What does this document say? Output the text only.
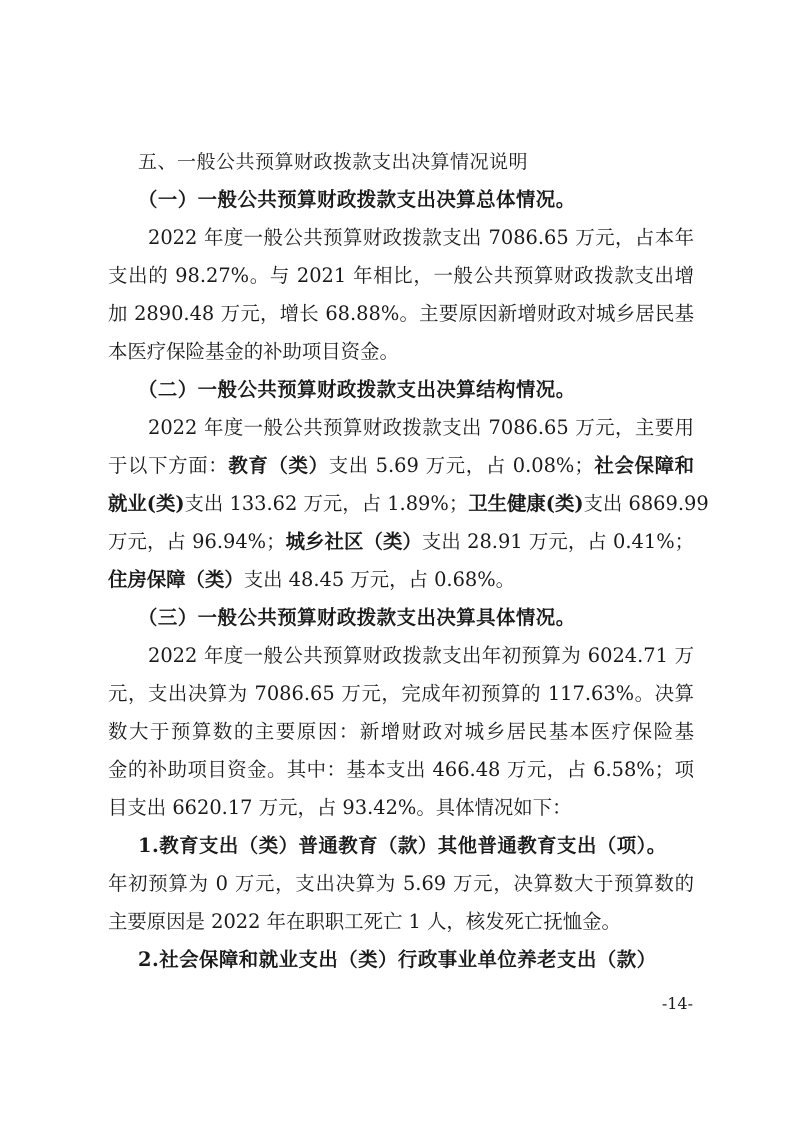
五、一般公共预算财政拨款支出决算情况说明
（一）一般公共预算财政拨款支出决算总体情况。
2022 年度一般公共预算财政拨款支出 7086.65 万元，占本年
支出的 98.27%。与 2021 年相比，一般公共预算财政拨款支出增
加 2890.48 万元，增长 68.88%。主要原因新增财政对城乡居民基
本医疗保险基金的补助项目资金。
（二）一般公共预算财政拨款支出决算结构情况。
2022 年度一般公共预算财政拨款支出 7086.65 万元，主要用
于以下方面：教育（类）支出 5.69 万元，占 0.08%；社会保障和
就业(类)支出 133.62 万元，占 1.89%；卫生健康(类)支出 6869.99
万元，占 96.94%；城乡社区（类）支出 28.91 万元，占 0.41%；
住房保障（类）支出 48.45 万元，占 0.68%。
（三）一般公共预算财政拨款支出决算具体情况。
2022 年度一般公共预算财政拨款支出年初预算为 6024.71 万
元，支出决算为 7086.65 万元，完成年初预算的 117.63%。决算
数大于预算数的主要原因：新增财政对城乡居民基本医疗保险基
金的补助项目资金。其中：基本支出 466.48 万元，占 6.58%；项
目支出 6620.17 万元，占 93.42%。具体情况如下：
1.教育支出（类）普通教育（款）其他普通教育支出（项）。
年初预算为 0 万元，支出决算为 5.69 万元，决算数大于预算数的
主要原因是 2022 年在职职工死亡 1 人，核发死亡抚恤金。
2.社会保障和就业支出（类）行政事业单位养老支出（款）
-14-
